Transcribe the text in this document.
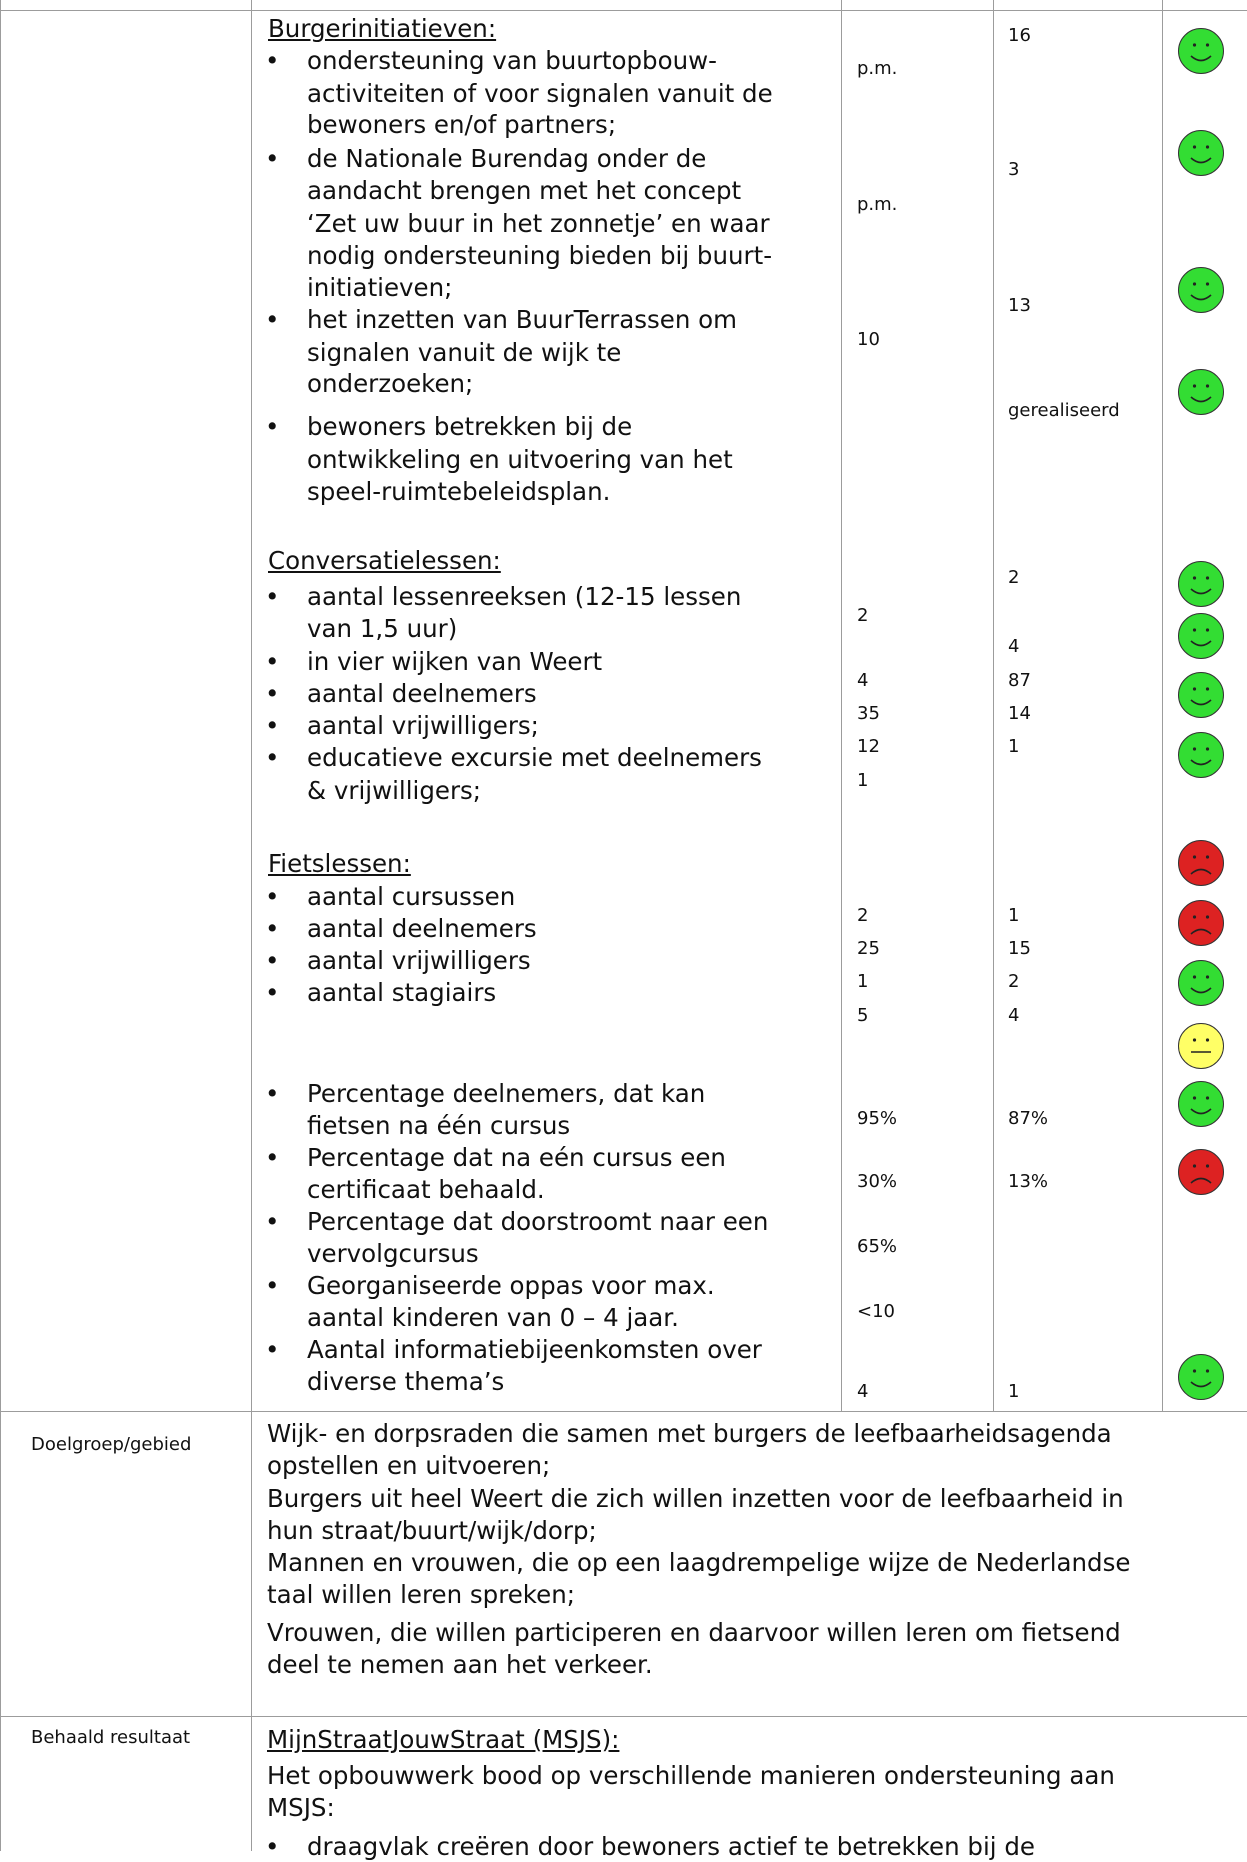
Burgerinitiatieven:
• ondersteuning van buurtopbouw-
activiteiten of voor signalen vanuit de
bewoners en/of partners;
• de Nationale Burendag onder de
aandacht brengen met het concept
‘Zet uw buur in het zonnetje’ en waar
nodig ondersteuning bieden bij buurt-
initiatieven;
• het inzetten van BuurTerrassen om
signalen vanuit de wijk te
onderzoeken;
• bewoners betrekken bij de
ontwikkeling en uitvoering van het
speel-ruimtebeleidsplan.
p.m.
p.m.
10
16
3
13
gerealiseerd
Conversatielessen:
• aantal lessenreeksen (12-15 lessen
van 1,5 uur)
• in vier wijken van Weert
• aantal deelnemers
• aantal vrijwilligers;
• educatieve excursie met deelnemers
& vrijwilligers;
2
4
35
12
1
2
4
87
14
1
Fietslessen:
• aantal cursussen
• aantal deelnemers
• aantal vrijwilligers
• aantal stagiairs
2
25
1
5
1
15
2
4
• Percentage deelnemers, dat kan
fietsen na één cursus
• Percentage dat na eén cursus een
certificaat behaald.
• Percentage dat doorstroomt naar een
vervolgcursus
• Georganiseerde oppas voor max.
aantal kinderen van 0 – 4 jaar.
• Aantal informatiebijeenkomsten over
diverse thema’s
95%
30%
65%
<10
4
87%
13%
1
Doelgroep/gebied	Wijk- en dorpsraden die samen met burgers de leefbaarheidsagenda
opstellen en uitvoeren;
Burgers uit heel Weert die zich willen inzetten voor de leefbaarheid in
hun straat/buurt/wijk/dorp;
Mannen en vrouwen, die op een laagdrempelige wijze de Nederlandse
taal willen leren spreken;
Vrouwen, die willen participeren en daarvoor willen leren om fietsend
deel te nemen aan het verkeer.
Behaald resultaat	MijnStraatJouwStraat (MSJS):
Het opbouwwerk bood op verschillende manieren ondersteuning aan
MSJS:
• draagvlak creëren door bewoners actief te betrekken bij de
